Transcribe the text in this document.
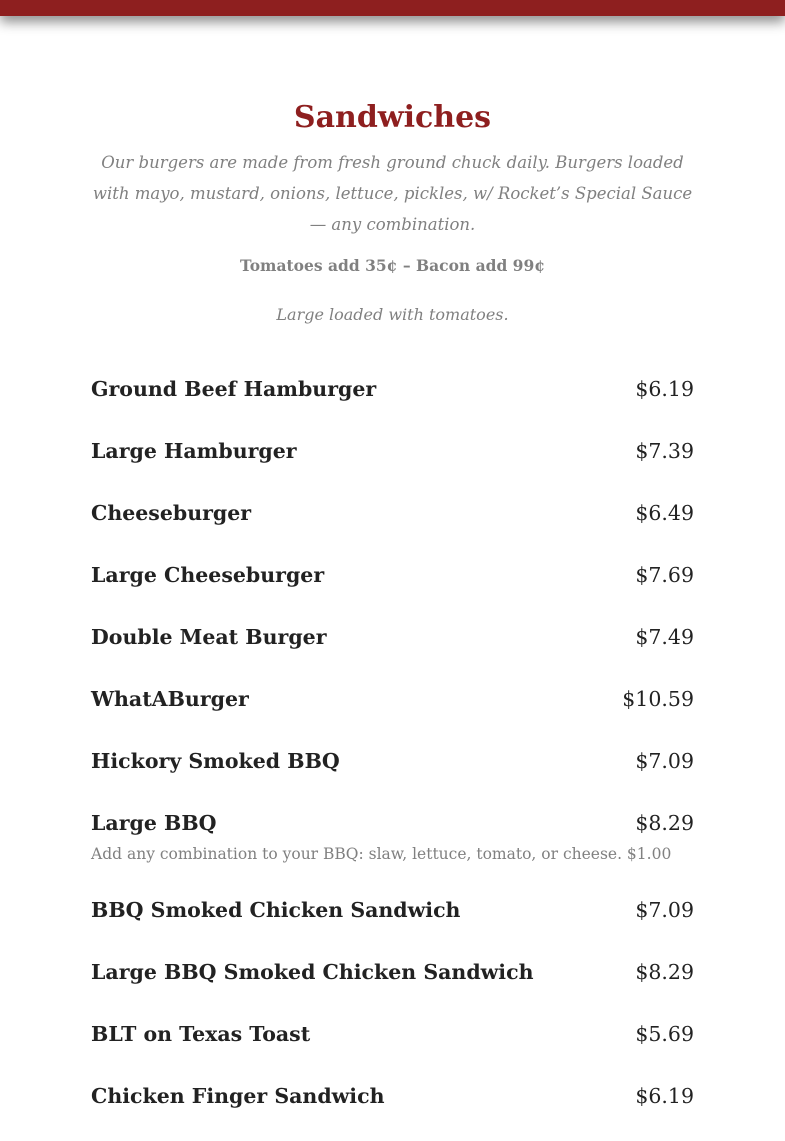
Sandwiches

Our burgers are made from fresh ground chuck daily. Burgers loaded with mayo, mustard, onions, lettuce, pickles, w/ Rocket’s Special Sauce — any combination.

Tomatoes add 35¢ – Bacon add 99¢

Large loaded with tomatoes.

Ground Beef Hamburger	$6.19
Large Hamburger	$7.39
Cheeseburger	$6.49
Large Cheeseburger	$7.69
Double Meat Burger	$7.49
WhatABurger	$10.59
Hickory Smoked BBQ	$7.09
Large BBQ	$8.29
Add any combination to your BBQ: slaw, lettuce, tomato, or cheese. $1.00
BBQ Smoked Chicken Sandwich	$7.09
Large BBQ Smoked Chicken Sandwich	$8.29
BLT on Texas Toast	$5.69
Chicken Finger Sandwich	$6.19
